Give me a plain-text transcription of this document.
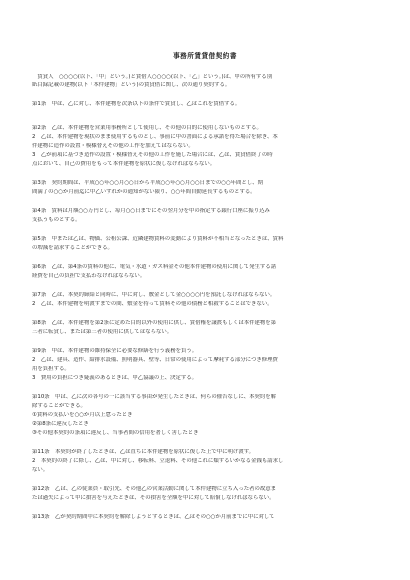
事務所賃貸借契約書
　賃貸人　○○○○(以下、「甲」という。)と賃借人○○○○(以下、「乙」という。)は、甲の所有する別
紙目録記載の建物(以下「本件建物」という)の賃貸借に関し、次の通り契約する。
第1条　甲は、乙に対し、本件建物を次条以下の条件で賃貸し、乙はこれを賃借する。
第2条　乙は、本件建物を営業用事務所として使用し、その他の目的に使用しないものとする。
2　乙は、本件建物を現状のまま使用するものとし、事前に甲の書面による承諾を得た場合を除き、本
件建物に造作の設置・模様替えその他の工作を加えてはならない。
3　乙が前項に基づき造作の設置・模様替えその他の工作を施した場合には、乙は、賃貸借終了の時
点において、自己の費用をもって本件建物を原状に復しなければならない。
第3条　契約期間は、平成○○年○○月○○日から平成○○年○○月○○日までの○○年間とし、期
間満了の○○か月前迄に甲乙いずれかの通知がない限り、○○年間自動延長するものとする。
第4条　賃料は月額○○万円とし、毎月○○日までにその翌月分を甲の指定する銀行口座に振り込み
支払うものとする。
第5条　甲または乙は、物価、公租公課、近隣建物賃料の変動により賃料が不相当となったときは、賃料
の増減を請求することができる。
第6条　乙は、第4条の賃料の他に、電気・水道・ガス料金その他本件建物の使用に関して発生する諸
経費を自己の負担で支払わなければならない。
第7条　乙は、本契約締結と同時に、甲に対し、敷金として金○○○○円を預託しなければならない。
2　乙は、本件建物を明渡すまでの間、敷金を持って賃料その他の債務と相殺することはできない。
第8条　乙は、本件建物を第2条に定めた目的以外の使用に供し、賃借権を譲渡もしくは本件建物を第
三者に転貸し、または第三者の使用に供してはならない。
第9条　甲は、本件建物の維持保全に必要な修繕を行う義務を負う。
2　乙は、建具、造作、給排水設備、照明器具、壁等、日常の使用によって摩耗する部分につき修理費
用を負担する。
3　費用の負担につき疑義のあるときは、甲乙協議の上、決定する。
第10条　甲は、乙に次の各号の一に該当する事由が発生したときは、何らの催告なしに、本契約を解
除することができる。
①賃料の支払いを○○か月以上怠ったとき
②第8条に違反したとき
③その他本契約の条項に違反し、当事者間の信用を著しく害したとき
第11条　本契約が終了したときは、乙は直ちに本件建物を原状に復した上で甲に明け渡す。
2　本契約の終了に際し、乙は、甲に対し、移転料、立退料、その他これに類するいかなる金銭も請求し
ない。
第12条　乙は、乙の従業員・取引先、その他乙の営業活動に関して本件建物に立ち入った者の故意ま
たは過失によって甲に損害を与えたときは、その損害を全額を甲に対して賠償しなければならない。
第13条　乙が契約期間中に本契約を解除しようとするときは、乙はその○○か月前までに甲に対して
